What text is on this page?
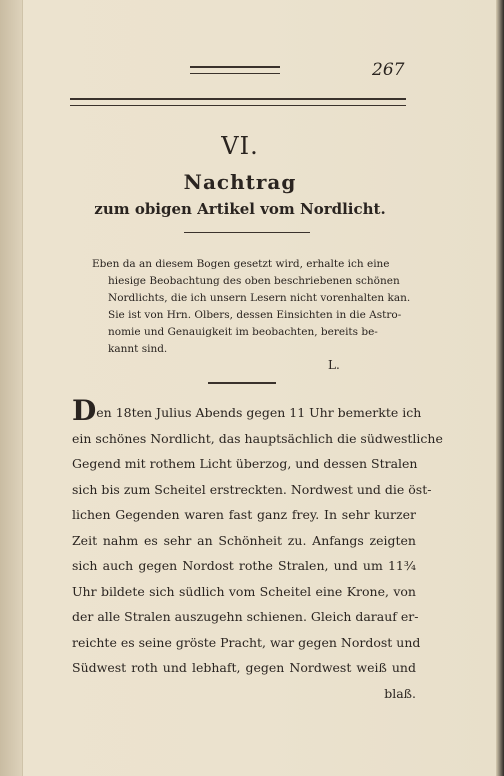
267
VI.
Nachtrag
zum obigen Artikel vom Nordlicht.
Eben da an diesem Bogen gesetzt wird, erhalte ich eine
hiesige Beobachtung des oben beschriebenen schönen
Nordlichts, die ich unsern Lesern nicht vorenhalten kan.
Sie ist von Hrn. Olbers, dessen Einsichten in die Astro-
nomie und Genauigkeit im beobachten, bereits be-
kannt sind.
L.
Den 18ten Julius Abends gegen 11 Uhr bemerkte ich
ein schönes Nordlicht, das hauptsächlich die südwestliche
Gegend mit rothem Licht überzog, und dessen Stralen
sich bis zum Scheitel erstreckten. Nordwest und die öst-
lichen Gegenden waren fast ganz frey. In sehr kurzer
Zeit nahm es sehr an Schönheit zu. Anfangs zeigten
sich auch gegen Nordost rothe Stralen, und um 11¾
Uhr bildete sich südlich vom Scheitel eine Krone, von
der alle Stralen auszugehn schienen. Gleich darauf er-
reichte es seine gröste Pracht, war gegen Nordost und
Südwest roth und lebhaft, gegen Nordwest weiß und
blaß.
